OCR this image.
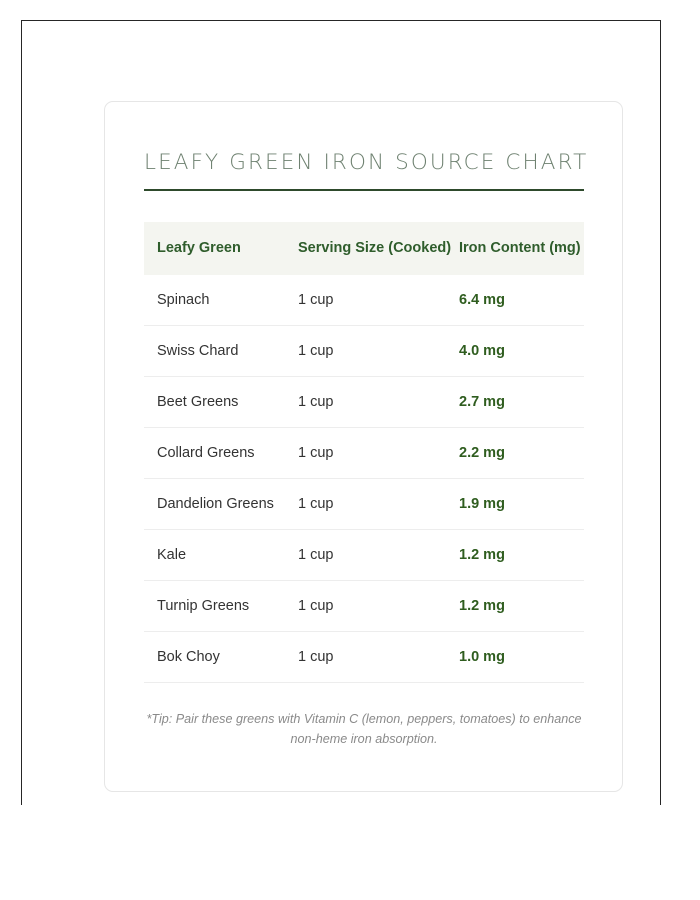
LEAFY GREEN IRON SOURCE CHART
Leafy Green	Serving Size (Cooked)	Iron Content (mg)
Spinach	1 cup	6.4 mg
Swiss Chard	1 cup	4.0 mg
Beet Greens	1 cup	2.7 mg
Collard Greens	1 cup	2.2 mg
Dandelion Greens	1 cup	1.9 mg
Kale	1 cup	1.2 mg
Turnip Greens	1 cup	1.2 mg
Bok Choy	1 cup	1.0 mg

*Tip: Pair these greens with Vitamin C (lemon, peppers, tomatoes) to enhance non-heme iron absorption.
